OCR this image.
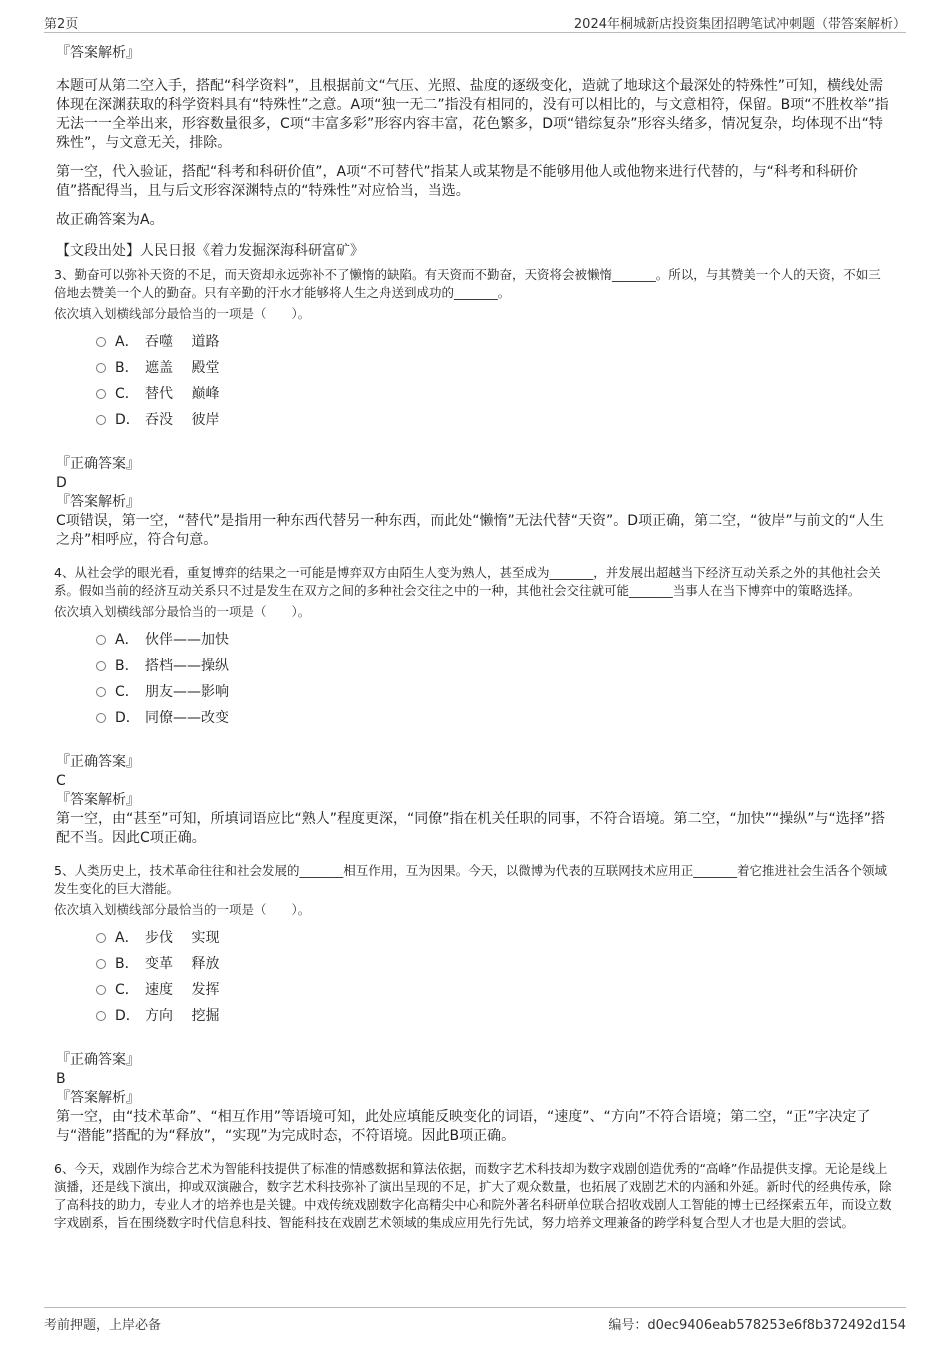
第2页	2024年桐城新店投资集团招聘笔试冲刺题（带答案解析）

『答案解析』

本题可从第二空入手，搭配“科学资料”，且根据前文“气压、光照、盐度的逐级变化，造就了地球这个最深处的特殊性”可知，横线处需体现在深渊获取的科学资料具有“特殊性”之意。A项“独一无二”指没有相同的，没有可以相比的，与文意相符，保留。B项“不胜枚举”指无法一一全举出来，形容数量很多，C项“丰富多彩”形容内容丰富，花色繁多，D项“错综复杂”形容头绪多，情况复杂，均体现不出“特殊性”，与文意无关，排除。

第一空，代入验证，搭配“科考和科研价值”，A项“不可替代”指某人或某物是不能够用他人或他物来进行代替的，与“科考和科研价值”搭配得当，且与后文形容深渊特点的“特殊性”对应恰当，当选。

故正确答案为A。

【文段出处】人民日报《着力发掘深海科研富矿》

3、勤奋可以弥补天资的不足，而天资却永远弥补不了懒惰的缺陷。有天资而不勤奋，天资将会被懒惰_______。所以，与其赞美一个人的天资，不如三倍地去赞美一个人的勤奋。只有辛勤的汗水才能够将人生之舟送到成功的_______。

依次填入划横线部分最恰当的一项是（　　）。

A． 吞噬　 道路
B． 遮盖　 殿堂
C． 替代　 巅峰
D． 吞没　 彼岸

『正确答案』

D

『答案解析』

C项错误，第一空，“替代”是指用一种东西代替另一种东西，而此处“懒惰”无法代替“天资”。D项正确，第二空，“彼岸”与前文的“人生之舟”相呼应，符合句意。

4、从社会学的眼光看，重复博弈的结果之一可能是博弈双方由陌生人变为熟人，甚至成为_______，并发展出超越当下经济互动关系之外的其他社会关系。假如当前的经济互动关系只不过是发生在双方之间的多种社会交往之中的一种，其他社会交往就可能_______当事人在当下博弈中的策略选择。

依次填入划横线部分最恰当的一项是（　　）。

A． 伙伴——加快
B． 搭档——操纵
C． 朋友——影响
D． 同僚——改变

『正确答案』

C

『答案解析』

第一空，由“甚至”可知，所填词语应比“熟人”程度更深，“同僚”指在机关任职的同事，不符合语境。第二空，“加快”“操纵”与“选择”搭配不当。因此C项正确。

5、人类历史上，技术革命往往和社会发展的_______相互作用，互为因果。今天，以微博为代表的互联网技术应用正_______着它推进社会生活各个领域发生变化的巨大潜能。

依次填入划横线部分最恰当的一项是（　　）。

A． 步伐　 实现
B． 变革　 释放
C． 速度　 发挥
D． 方向　 挖掘

『正确答案』

B

『答案解析』

第一空，由“技术革命”、“相互作用”等语境可知，此处应填能反映变化的词语，“速度”、“方向”不符合语境；第二空，“正”字决定了与“潜能”搭配的为“释放”，“实现”为完成时态，不符语境。因此B项正确。

6、今天，戏剧作为综合艺术为智能科技提供了标准的情感数据和算法依据，而数字艺术科技却为数字戏剧创造优秀的“高峰”作品提供支撑。无论是线上演播，还是线下演出，抑或双演融合，数字艺术科技弥补了演出呈现的不足，扩大了观众数量，也拓展了戏剧艺术的内涵和外延。新时代的经典传承，除了高科技的助力，专业人才的培养也是关键。中戏传统戏剧数字化高精尖中心和院外著名科研单位联合招收戏剧人工智能的博士已经探索五年，而设立数字戏剧系，旨在围绕数字时代信息科技、智能科技在戏剧艺术领域的集成应用先行先试，努力培养文理兼备的跨学科复合型人才也是大胆的尝试。

考前押题，上岸必备	编号：d0ec9406eab578253e6f8b372492d154
